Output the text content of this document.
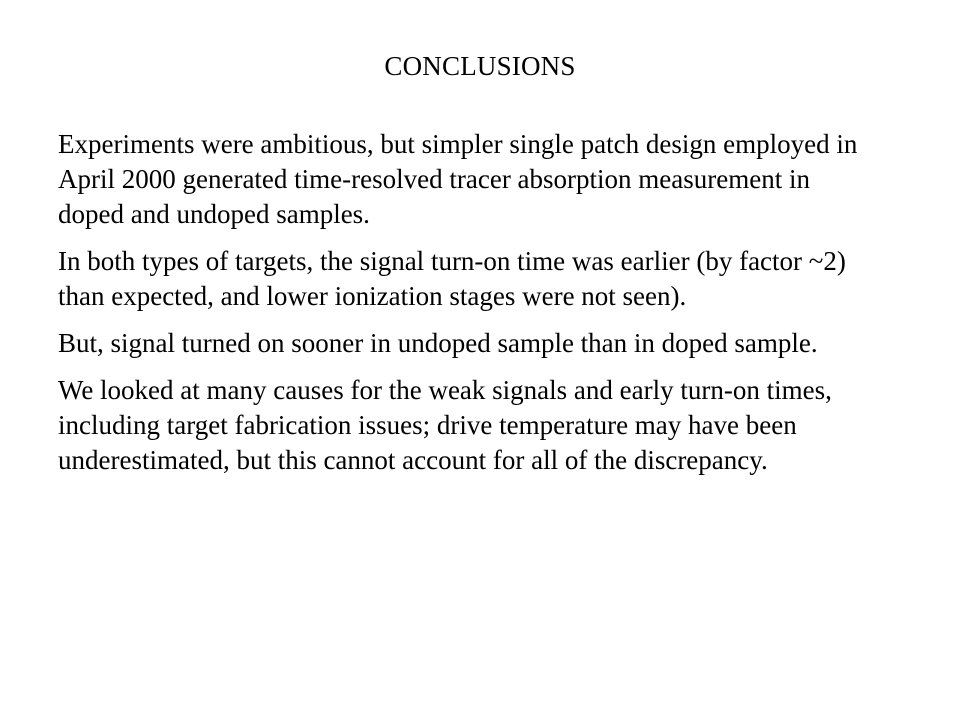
CONCLUSIONS

Experiments were ambitious, but simpler single patch design employed in April 2000 generated time-resolved tracer absorption measurement in doped and undoped samples.

In both types of targets, the signal turn-on time was earlier (by factor ~2) than expected, and lower ionization stages were not seen).

But, signal turned on sooner in undoped sample than in doped sample.

We looked at many causes for the weak signals and early turn-on times, including target fabrication issues; drive temperature may have been underestimated, but this cannot account for all of the discrepancy.
